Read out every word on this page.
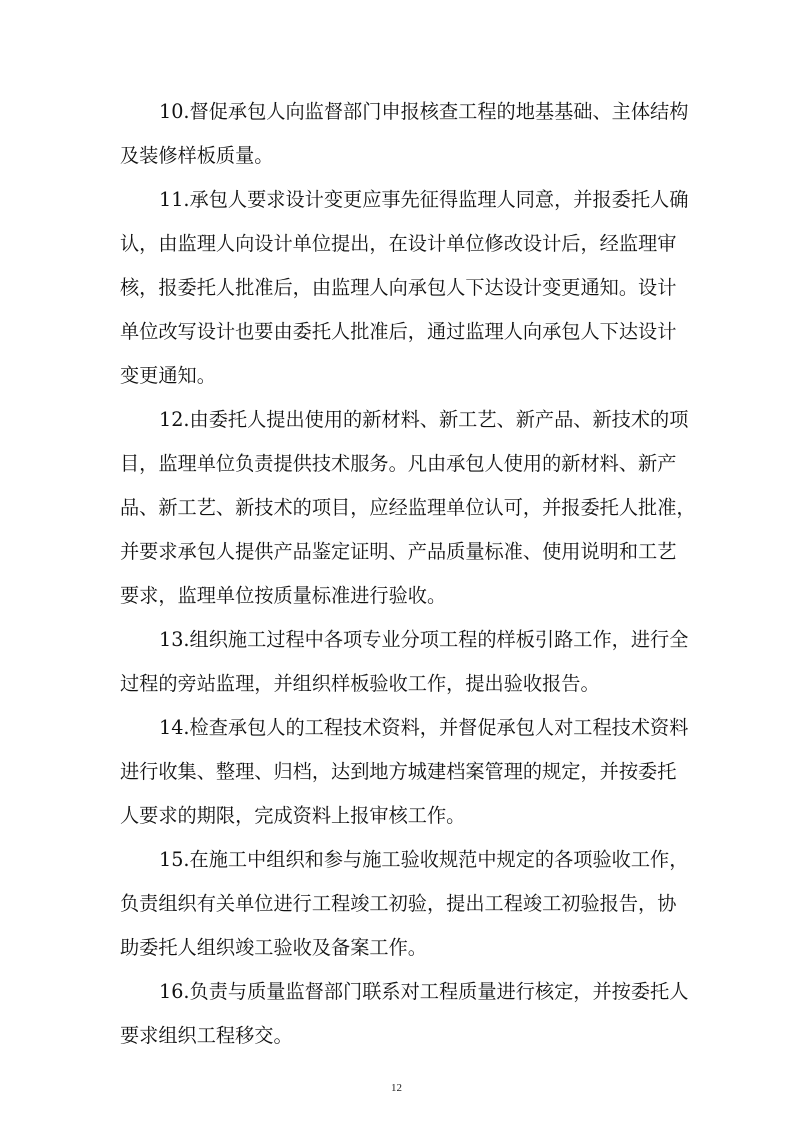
10.督促承包人向监督部门申报核查工程的地基基础、主体结构
及装修样板质量。
11.承包人要求设计变更应事先征得监理人同意，并报委托人确
认，由监理人向设计单位提出，在设计单位修改设计后，经监理审
核，报委托人批准后，由监理人向承包人下达设计变更通知。设计
单位改写设计也要由委托人批准后，通过监理人向承包人下达设计
变更通知。
12.由委托人提出使用的新材料、新工艺、新产品、新技术的项
目，监理单位负责提供技术服务。凡由承包人使用的新材料、新产
品、新工艺、新技术的项目，应经监理单位认可，并报委托人批准，
并要求承包人提供产品鉴定证明、产品质量标准、使用说明和工艺
要求，监理单位按质量标准进行验收。
13.组织施工过程中各项专业分项工程的样板引路工作，进行全
过程的旁站监理，并组织样板验收工作，提出验收报告。
14.检查承包人的工程技术资料，并督促承包人对工程技术资料
进行收集、整理、归档，达到地方城建档案管理的规定，并按委托
人要求的期限，完成资料上报审核工作。
15.在施工中组织和参与施工验收规范中规定的各项验收工作，
负责组织有关单位进行工程竣工初验，提出工程竣工初验报告，协
助委托人组织竣工验收及备案工作。
16.负责与质量监督部门联系对工程质量进行核定，并按委托人
要求组织工程移交。
12
